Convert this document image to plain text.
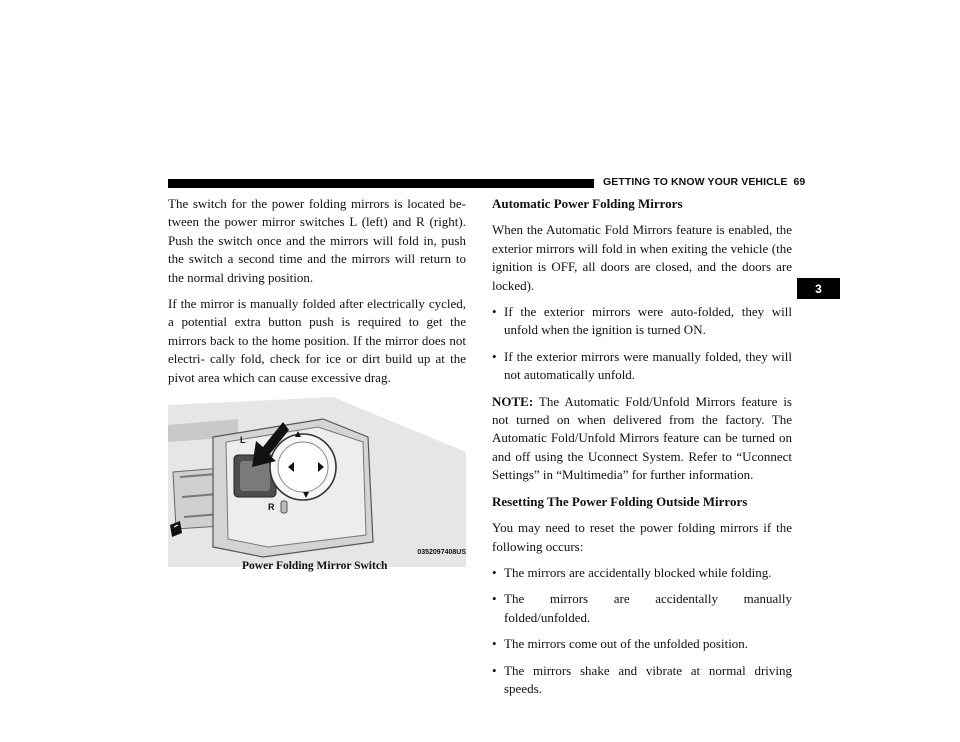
GETTING TO KNOW YOUR VEHICLE 69
3

The switch for the power folding mirrors is located be- tween the power mirror switches L (left) and R (right). Push the switch once and the mirrors will fold in, push the switch a second time and the mirrors will return to the normal driving position.

If the mirror is manually folded after electrically cycled, a potential extra button push is required to get the mirrors back to the home position. If the mirror does not electri- cally fold, check for ice or dirt build up at the pivot area which can cause excessive drag.

L
R
0352097408US
Power Folding Mirror Switch
Automatic Power Folding Mirrors

When the Automatic Fold Mirrors feature is enabled, the exterior mirrors will fold in when exiting the vehicle (the ignition is OFF, all doors are closed, and the doors are locked).

• If the exterior mirrors were auto-folded, they will unfold when the ignition is turned ON.
• If the exterior mirrors were manually folded, they will not automatically unfold.

NOTE: The Automatic Fold/Unfold Mirrors feature is not turned on when delivered from the factory. The Automatic Fold/Unfold Mirrors feature can be turned on and off using the Uconnect System. Refer to “Uconnect Settings” in “Multimedia” for further information.

Resetting The Power Folding Outside Mirrors

You may need to reset the power folding mirrors if the following occurs:

• The mirrors are accidentally blocked while folding.
• The mirrors are accidentally manually folded/unfolded.
• The mirrors come out of the unfolded position.
• The mirrors shake and vibrate at normal driving speeds.
